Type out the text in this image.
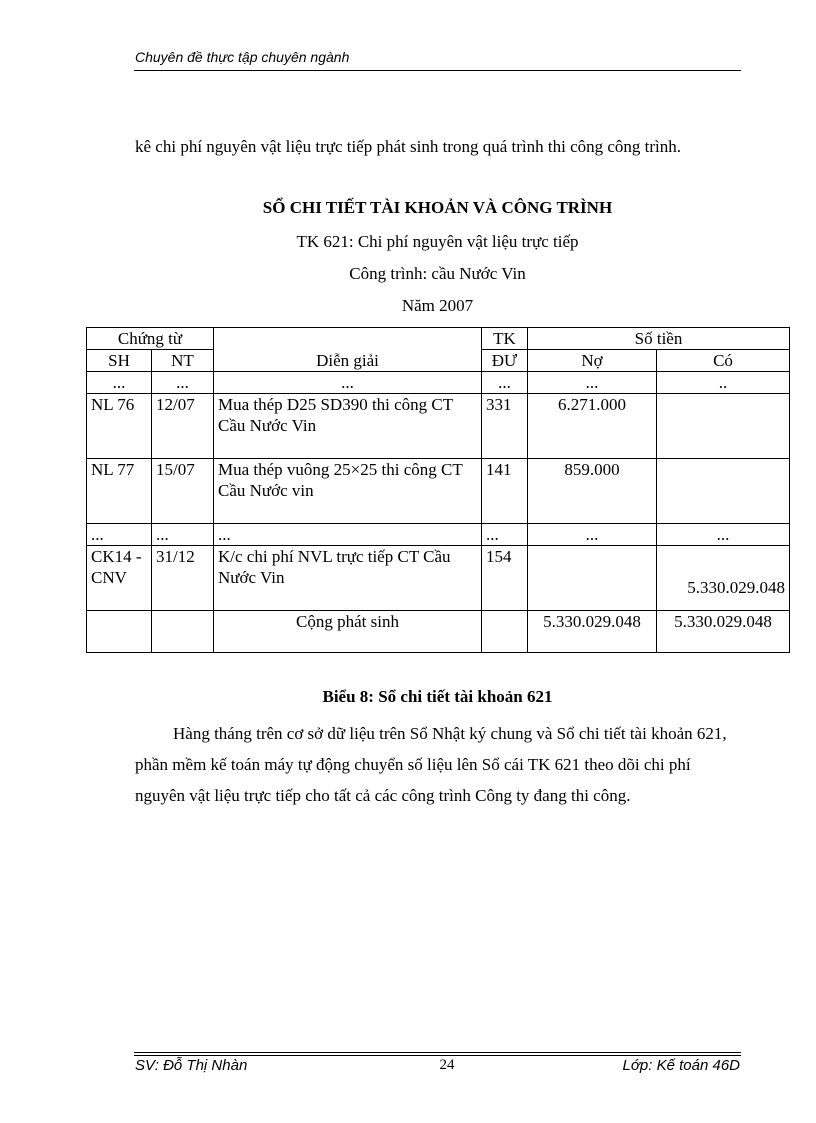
Chuyên đề thực tập chuyên ngành
kê chi phí nguyên vật liệu trực tiếp phát sinh trong quá trình thi công công trình.
SỔ CHI TIẾT TÀI KHOẢN VÀ CÔNG TRÌNH
TK 621: Chi phí nguyên vật liệu trực tiếp
Công trình: cầu Nước Vin
Năm 2007
Chứng từ		Diễn giải	TK	Số tiền	
SH	NT		ĐƯ	Nợ	Có
...	...	...	...	...	..
NL 76	12/07	Mua thép D25 SD390 thi công CT Cầu Nước Vin	331	6.271.000	
NL 77	15/07	Mua thép vuông 25×25 thi công CT Cầu Nước vin	141	859.000	
...	...	...	...	...	...
CK14 -CNV	31/12	K/c chi phí NVL trực tiếp CT Cầu Nước Vin	154		5.330.029.048
		Cộng phát sinh		5.330.029.048	5.330.029.048
Biểu 8: Sổ chi tiết tài khoản 621
Hàng tháng trên cơ sở dữ liệu trên Sổ Nhật ký chung và Sổ chi tiết tài khoản 621, phần mềm kế toán máy tự động chuyển số liệu lên Sổ cái TK 621 theo dõi chi phí nguyên vật liệu trực tiếp cho tất cả các công trình Công ty đang thi công.
SV: Đỗ Thị Nhàn	24	Lớp: Kế toán 46D
